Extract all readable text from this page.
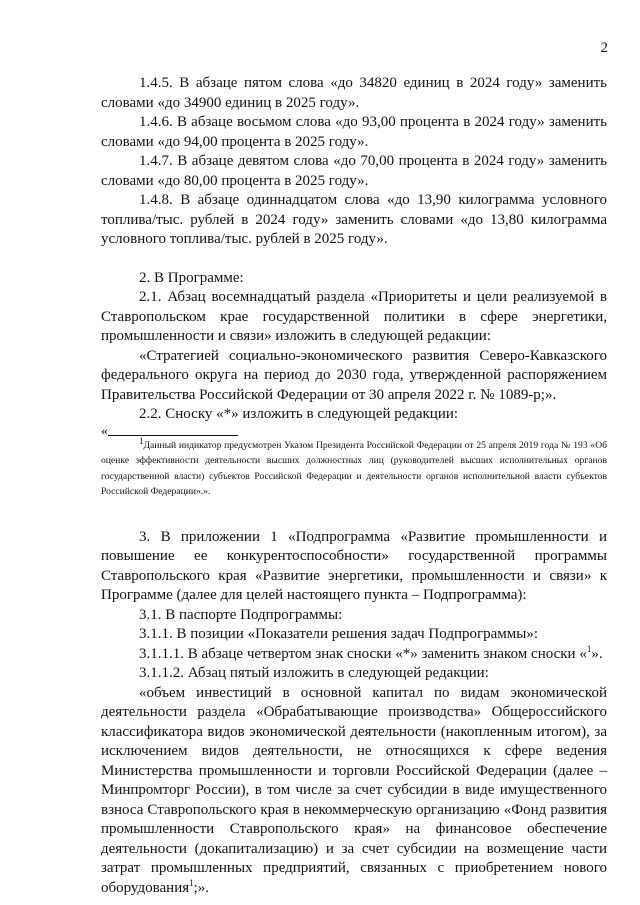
2

1.4.5. В абзаце пятом слова «до 34820 единиц в 2024 году» заменить словами «до 34900 единиц в 2025 году».

1.4.6. В абзаце восьмом слова «до 93,00 процента в 2024 году» заменить словами «до 94,00 процента в 2025 году».

1.4.7. В абзаце девятом слова «до 70,00 процента в 2024 году» заменить словами «до 80,00 процента в 2025 году».

1.4.8. В абзаце одиннадцатом слова «до 13,90 килограмма условного топлива/тыс. рублей в 2024 году» заменить словами «до 13,80 килограмма условного топлива/тыс. рублей в 2025 году».

2. В Программе:

2.1. Абзац восемнадцатый раздела «Приоритеты и цели реализуемой в Ставропольском крае государственной политики в сфере энергетики, промышленности и связи» изложить в следующей редакции:

«Стратегией социально-экономического развития Северо-Кавказского федерального округа на период до 2030 года, утвержденной распоряжением Правительства Российской Федерации от 30 апреля 2022 г. № 1089-р;».

2.2. Сноску «*» изложить в следующей редакции:

«

$^1$Данный индикатор предусмотрен Указом Президента Российской Федерации от 25 апреля 2019 года № 193 «Об оценке эффективности деятельности высших должностных лиц (руководителей высших исполнительных органов государственной власти) субъектов Российской Федерации и деятельности органов исполнительной власти субъектов Российской Федерации».».

3. В приложении 1 «Подпрограмма «Развитие промышленности и повышение ее конкурентоспособности» государственной программы Ставропольского края «Развитие энергетики, промышленности и связи» к Программе (далее для целей настоящего пункта – Подпрограмма):

3.1. В паспорте Подпрограммы:

3.1.1. В позиции «Показатели решения задач Подпрограммы»:

3.1.1.1. В абзаце четвертом знак сноски «*» заменить знаком сноски «$^1$».

3.1.1.2. Абзац пятый изложить в следующей редакции:

«объем инвестиций в основной капитал по видам экономической деятельности раздела «Обрабатывающие производства» Общероссийского классификатора видов экономической деятельности (накопленным итогом), за исключением видов деятельности, не относящихся к сфере ведения Министерства промышленности и торговли Российской Федерации (далее – Минпромторг России), в том числе за счет субсидии в виде имущественного взноса Ставропольского края в некоммерческую организацию «Фонд развития промышленности Ставропольского края» на финансовое обеспечение деятельности (докапитализацию) и за счет субсидии на возмещение части затрат промышленных предприятий, связанных с приобретением нового оборудования$^1$;».
